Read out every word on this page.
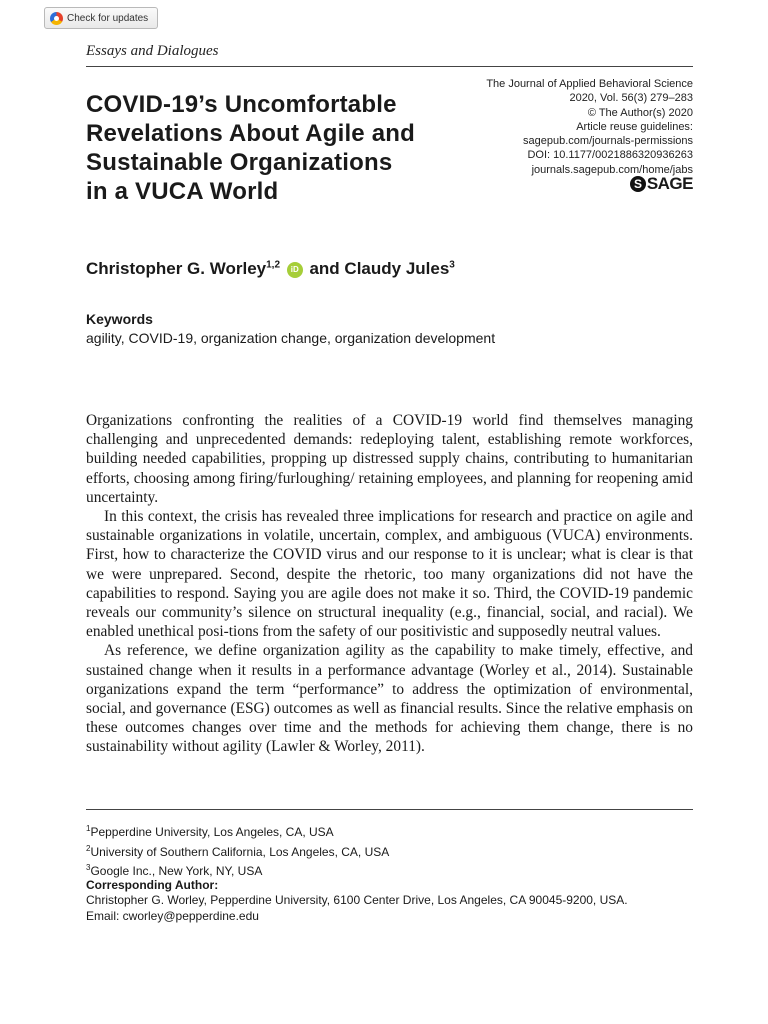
Check for updates
Essays and Dialogues
COVID-19’s Uncomfortable
Revelations About Agile and
Sustainable Organizations
in a VUCA World
The Journal of Applied Behavioral Science
2020, Vol. 56(3) 279–283
© The Author(s) 2020
Article reuse guidelines:
sagepub.com/journals-permissions
DOI: 10.1177/0021886320936263
journals.sagepub.com/home/jabs
S SAGE
Christopher G. Worley$^{1,2}$ iD and Claudy Jules$^3$
Keywords
agility, COVID-19, organization change, organization development

Organizations confronting the realities of a COVID-19 world find themselves managing challenging and unprecedented demands: redeploying talent, establishing remote workforces, building needed capabilities, propping up distressed supply chains, contributing to humanitarian efforts, choosing among firing/furloughing/ retaining employees, and planning for reopening amid uncertainty.

In this context, the crisis has revealed three implications for research and practice on agile and sustainable organizations in volatile, uncertain, complex, and ambiguous (VUCA) environments. First, how to characterize the COVID virus and our response to it is unclear; what is clear is that we were unprepared. Second, despite the rhetoric, too many organizations did not have the capabilities to respond. Saying you are agile does not make it so. Third, the COVID-19 pandemic reveals our community’s silence on structural inequality (e.g., financial, social, and racial). We enabled unethical posi-tions from the safety of our positivistic and supposedly neutral values.

As reference, we define organization agility as the capability to make timely, effective, and sustained change when it results in a performance advantage (Worley et al., 2014). Sustainable organizations expand the term “performance” to address the optimization of environmental, social, and governance (ESG) outcomes as well as financial results. Since the relative emphasis on these outcomes changes over time and the methods for achieving them change, there is no sustainability without agility (Lawler & Worley, 2011).

$^1$Pepperdine University, Los Angeles, CA, USA
$^2$University of Southern California, Los Angeles, CA, USA
$^3$Google Inc., New York, NY, USA
Corresponding Author:
Christopher G. Worley, Pepperdine University, 6100 Center Drive, Los Angeles, CA 90045-9200, USA.
Email: cworley@pepperdine.edu
